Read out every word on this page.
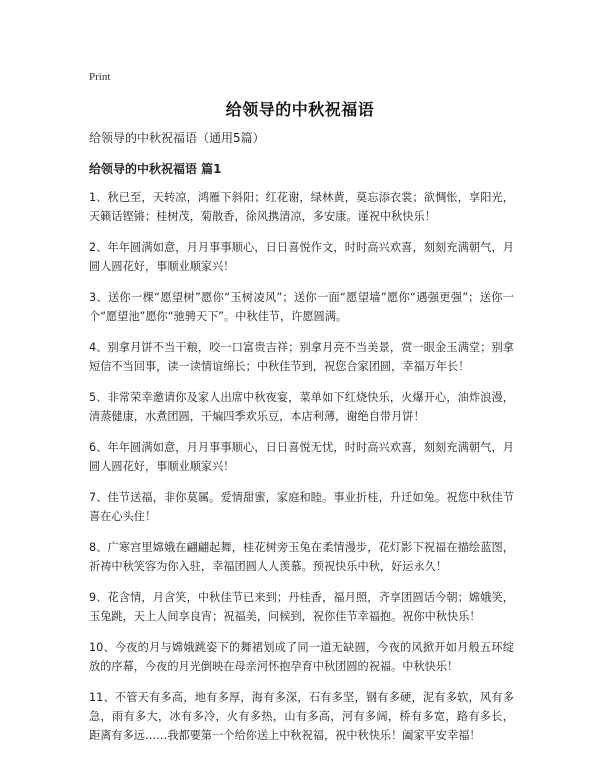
Print
给领导的中秋祝福语

给领导的中秋祝福语（通用5篇）

给领导的中秋祝福语 篇1

1、秋已至，天转凉，鸿雁下斜阳；红花谢，绿林黄，莫忘添衣裳；欲惆怅，享阳光，天籁话铿锵；桂树茂，菊散香，徐风携清凉，多安康。谨祝中秋快乐！

2、年年圆满如意，月月事事顺心，日日喜悦作文，时时高兴欢喜，刻刻充满朝气，月圆人圆花好，事顺业顺家兴！

3、送你一棵“愿望树”愿你“玉树凌风”；送你一面“愿望墙”愿你“遇强更强”；送你一个“愿望池”愿你“驰骋天下”。中秋佳节，许愿圆满。

4、别拿月饼不当干粮，咬一口富贵吉祥；别拿月亮不当美景，赏一眼金玉满堂；别拿短信不当回事，读一读情谊绵长；中秋佳节到，祝您合家团圆，幸福万年长！

5、非常荣幸邀请你及家人出席中秋夜宴，菜单如下红烧快乐，火爆开心，油炸浪漫，清蒸健康，水煮团圆，干煸四季欢乐豆，本店利薄，谢绝自带月饼！

6、年年圆满如意，月月事事顺心，日日喜悦无忧，时时高兴欢喜，刻刻充满朝气，月圆人圆花好，事顺业顺家兴！

7、佳节送福，非你莫属。爱情甜蜜，家庭和睦。事业折桂，升迁如兔。祝您中秋佳节喜在心头住！

8、广寒宫里嫦娥在翩翩起舞，桂花树旁玉兔在柔情漫步，花灯影下祝福在描绘蓝图，祈祷中秋笑容为你入驻，幸福团圆人人羡慕。预祝快乐中秋，好运永久！

9、花含情，月含笑，中秋佳节已来到；丹桂香，福月照，齐享团圆话今朝；嫦娥笑，玉兔跳，天上人间享良宵；祝福美，问候到，祝你佳节幸福抱。祝你中秋快乐！

10、今夜的月与嫦娥跳姿下的舞裙划成了同一道无缺圆，今夜的风掀开如月般五环绽放的序幕，今夜的月光倒映在母亲河怀抱孕育中秋团圆的祝福。中秋快乐！

11、不管天有多高，地有多厚，海有多深，石有多坚，钢有多硬，泥有多软，风有多急，雨有多大，冰有多冷，火有多热，山有多高，河有多阔，桥有多宽，路有多长，距离有多远……我都要第一个给你送上中秋祝福，祝中秋快乐！阖家平安幸福！
